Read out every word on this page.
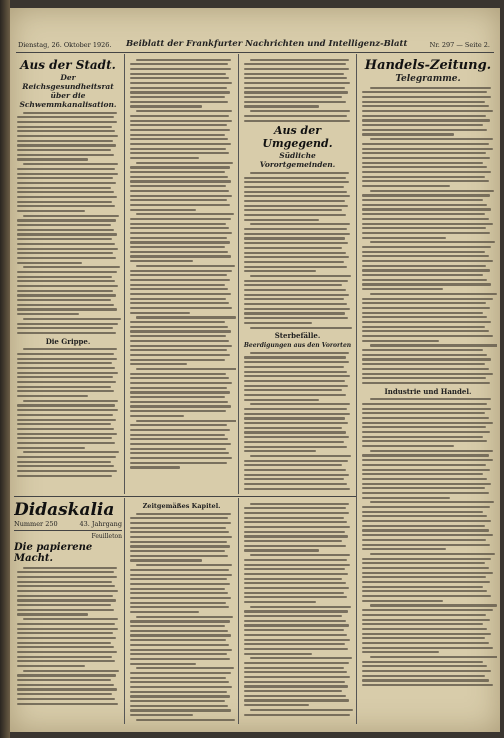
Dienstag, 26. Oktober 1926. Beiblatt der Frankfurter Nachrichten und Intelligenz-Blatt	Nr. 297 — Seite 2.
Aus der Stadt.
Der Reichsgesundheitsrat über die Schwemmkanalisation.
Die Grippe.
Aus der Umgegend.
Südliche Vorortgemeinden.
Sterbefälle.
Beerdigungen aus den Vororten
Handels-Zeitung.
Telegramme.
Industrie und Handel.
Didaskalia
Nummer 250	43. Jahrgang
Feuilleton
Die papierene Macht.
Zeitgemäßes Kapitel.
